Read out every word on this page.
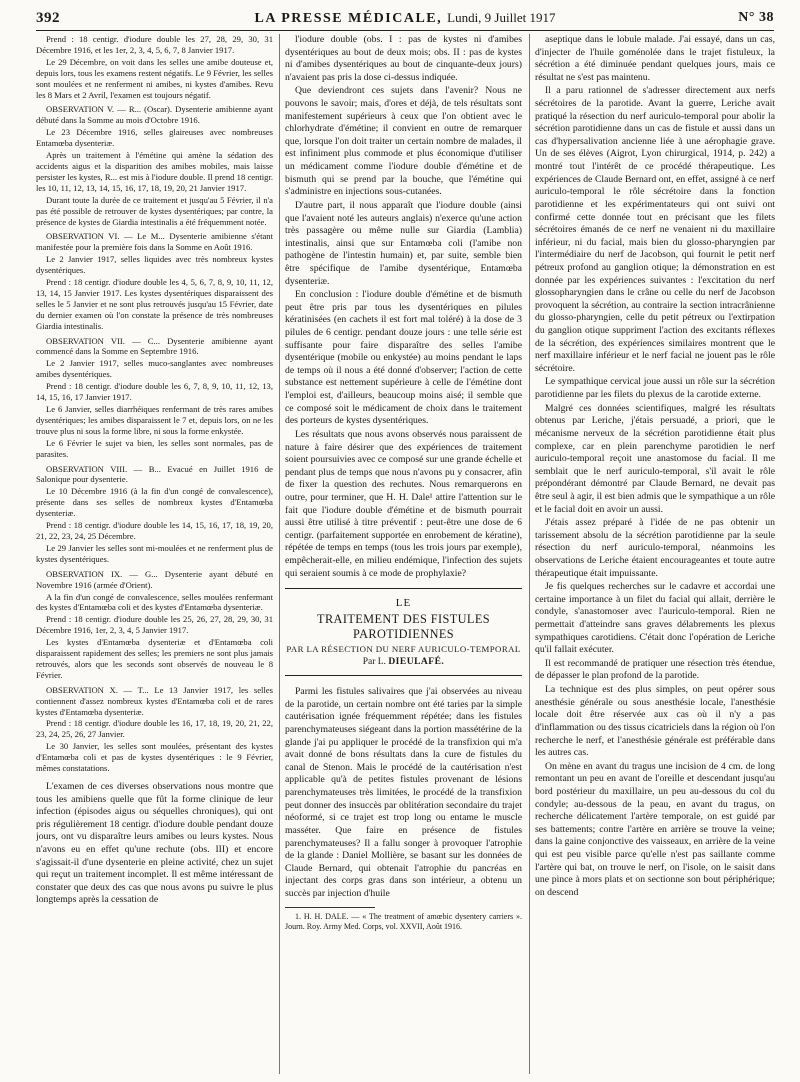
392	LA PRESSE MÉDICALE, Lundi, 9 Juillet 1917	N° 38

Prend : 18 centigr. d'iodure double les 27, 28, 29, 30, 31 Décembre 1916, et les 1er, 2, 3, 4, 5, 6, 7, 8 Janvier 1917.

Le 29 Décembre, on voit dans les selles une amibe douteuse et, depuis lors, tous les examens restent négatifs. Le 9 Février, les selles sont moulées et ne renferment ni amibes, ni kystes d'amibes. Revu les 8 Mars et 2 Avril, l'examen est toujours négatif.

OBSERVATION V. — R... (Oscar). Dysenterie amibienne ayant débuté dans la Somme au mois d'Octobre 1916.

Le 23 Décembre 1916, selles glaireuses avec nombreuses Entamœba dysenteriæ.

Après un traitement à l'émétine qui amène la sédation des accidents aigus et la disparition des amibes mobiles, mais laisse persister les kystes, R... est mis à l'iodure double. Il prend 18 centigr. les 10, 11, 12, 13, 14, 15, 16, 17, 18, 19, 20, 21 Janvier 1917.

Durant toute la durée de ce traitement et jusqu'au 5 Février, il n'a pas été possible de retrouver de kystes dysentériques; par contre, la présence de kystes de Giardia intestinalis a été fréquemment notée.

OBSERVATION VI. — Le M... Dysenterie amibienne s'étant manifestée pour la première fois dans la Somme en Août 1916.

Le 2 Janvier 1917, selles liquides avec très nombreux kystes dysentériques.

Prend : 18 centigr. d'iodure double les 4, 5, 6, 7, 8, 9, 10, 11, 12, 13, 14, 15 Janvier 1917. Les kystes dysentériques disparaissent des selles le 5 Janvier et ne sont plus retrouvés jusqu'au 15 Février, date du dernier examen où l'on constate la présence de très nombreuses Giardia intestinalis.

OBSERVATION VII. — C... Dysenterie amibienne ayant commencé dans la Somme en Septembre 1916.

Le 2 Janvier 1917, selles muco-sanglantes avec nombreuses amibes dysentériques.

Prend : 18 centigr. d'iodure double les 6, 7, 8, 9, 10, 11, 12, 13, 14, 15, 16, 17 Janvier 1917.

Le 6 Janvier, selles diarrhéiques renfermant de très rares amibes dysentériques; les amibes disparaissent le 7 et, depuis lors, on ne les trouve plus ni sous la forme libre, ni sous la forme enkystée.

Le 6 Février le sujet va bien, les selles sont normales, pas de parasites.

OBSERVATION VIII. — B... Evacué en Juillet 1916 de Salonique pour dysenterie.

Le 10 Décembre 1916 (à la fin d'un congé de convalescence), présente dans ses selles de nombreux kystes d'Entamœba dysenteriæ.

Prend : 18 centigr. d'iodure double les 14, 15, 16, 17, 18, 19, 20, 21, 22, 23, 24, 25 Décembre.

Le 29 Janvier les selles sont mi-moulées et ne renferment plus de kystes dysentériques.

OBSERVATION IX. — G... Dysenterie ayant débuté en Novembre 1916 (armée d'Orient).

A la fin d'un congé de convalescence, selles moulées renfermant des kystes d'Entamœba coli et des kystes d'Entamœba dysenteriæ.

Prend : 18 centigr. d'iodure double les 25, 26, 27, 28, 29, 30, 31 Décembre 1916, 1er, 2, 3, 4, 5 Janvier 1917.

Les kystes d'Entamœba dysenteriæ et d'Entamœba coli disparaissent rapidement des selles; les premiers ne sont plus jamais retrouvés, alors que les seconds sont observés de nouveau le 8 Février.

OBSERVATION X. — T... Le 13 Janvier 1917, les selles contiennent d'assez nombreux kystes d'Entamœba coli et de rares kystes d'Entamœba dysenteriæ.

Prend : 18 centigr. d'iodure double les 16, 17, 18, 19, 20, 21, 22, 23, 24, 25, 26, 27 Janvier.

Le 30 Janvier, les selles sont moulées, présentant des kystes d'Entamœba coli et pas de kystes dysentériques : le 9 Février, mêmes constatations.

L'examen de ces diverses observations nous montre que tous les amibiens quelle que fût la forme clinique de leur infection (épisodes aigus ou séquelles chroniques), qui ont pris régulièrement 18 centigr. d'iodure double pendant douze jours, ont vu disparaître leurs amibes ou leurs kystes. Nous n'avons eu en effet qu'une rechute (obs. III) et encore s'agissait-il d'une dysenterie en pleine activité, chez un sujet qui reçut un traitement incomplet. Il est même intéressant de constater que deux des cas que nous avons pu suivre le plus longtemps après la cessation de

l'iodure double (obs. I : pas de kystes ni d'amibes dysentériques au bout de deux mois; obs. II : pas de kystes ni d'amibes dysentériques au bout de cinquante-deux jours) n'avaient pas pris la dose ci-dessus indiquée.

Que deviendront ces sujets dans l'avenir? Nous ne pouvons le savoir; mais, d'ores et déjà, de tels résultats sont manifestement supérieurs à ceux que l'on obtient avec le chlorhydrate d'émétine; il convient en outre de remarquer que, lorsque l'on doit traiter un certain nombre de malades, il est infiniment plus commode et plus économique d'utiliser un médicament comme l'iodure double d'émétine et de bismuth qui se prend par la bouche, que l'émétine qui s'administre en injections sous-cutanées.

D'autre part, il nous apparaît que l'iodure double (ainsi que l'avaient noté les auteurs anglais) n'exerce qu'une action très passagère ou même nulle sur Giardia (Lamblia) intestinalis, ainsi que sur Entamœba coli (l'amibe non pathogène de l'intestin humain) et, par suite, semble bien être spécifique de l'amibe dysentérique, Entamœba dysenteriæ.

En conclusion : l'iodure double d'émétine et de bismuth peut être pris par tous les dysentériques en pilules kératinisées (en cachets il est fort mal toléré) à la dose de 3 pilules de 6 centigr. pendant douze jours : une telle série est suffisante pour faire disparaître des selles l'amibe dysentérique (mobile ou enkystée) au moins pendant le laps de temps où il nous a été donné d'observer; l'action de cette substance est nettement supérieure à celle de l'émétine dont l'emploi est, d'ailleurs, beaucoup moins aisé; il semble que ce composé soit le médicament de choix dans le traitement des porteurs de kystes dysentériques.

Les résultats que nous avons observés nous paraissent de nature à faire désirer que des expériences de traitement soient poursuivies avec ce composé sur une grande échelle et pendant plus de temps que nous n'avons pu y consacrer, afin de fixer la question des rechutes. Nous remarquerons en outre, pour terminer, que H. H. Dale¹ attire l'attention sur le fait que l'iodure double d'émétine et de bismuth pourrait aussi être utilisé à titre préventif : peut-être une dose de 6 centigr. (parfaitement supportée en enrobement de kératine), répétée de temps en temps (tous les trois jours par exemple), empêcherait-elle, en milieu endémique, l'infection des sujets qui seraient soumis à ce mode de prophylaxie?

LE
TRAITEMENT DES FISTULES PAROTIDIENNES
PAR LA RÉSECTION DU NERF AURICULO-TEMPORAL
Par L. DIEULAFÉ.

Parmi les fistules salivaires que j'ai observées au niveau de la parotide, un certain nombre ont été taries par la simple cautérisation ignée fréquemment répétée; dans les fistules parenchymateuses siégeant dans la portion massétérine de la glande j'ai pu appliquer le procédé de la transfixion qui m'a avait donné de bons résultats dans la cure de fistules du canal de Stenon. Mais le procédé de la cautérisation n'est applicable qu'à de petites fistules provenant de lésions parenchymateuses très limitées, le procédé de la transfixion peut donner des insuccès par oblitération secondaire du trajet néoformé, si ce trajet est trop long ou entame le muscle masséter. Que faire en présence de fistules parenchymateuses? Il a fallu songer à provoquer l'atrophie de la glande : Daniel Mollière, se basant sur les données de Claude Bernard, qui obtenait l'atrophie du pancréas en injectant des corps gras dans son intérieur, a obtenu un succès par injection d'huile

1. H. H. DALE. — « The treatment of amœbic dysentery carriers ». Journ. Roy. Army Med. Corps, vol. XXVII, Août 1916.

aseptique dans le lobule malade. J'ai essayé, dans un cas, d'injecter de l'huile goménolée dans le trajet fistuleux, la sécrétion a été diminuée pendant quelques jours, mais ce résultat ne s'est pas maintenu.

Il a paru rationnel de s'adresser directement aux nerfs sécrétoires de la parotide. Avant la guerre, Leriche avait pratiqué la résection du nerf auriculo-temporal pour abolir la sécrétion parotidienne dans un cas de fistule et aussi dans un cas d'hypersalivation ancienne liée à une aérophagie grave. Un de ses élèves (Aigrot, Lyon chirurgical, 1914, p. 242) a montré tout l'intérêt de ce procédé thérapeutique. Les expériences de Claude Bernard ont, en effet, assigné à ce nerf auriculo-temporal le rôle sécrétoire dans la fonction parotidienne et les expérimentateurs qui ont suivi ont confirmé cette donnée tout en précisant que les filets sécrétoires émanés de ce nerf ne venaient ni du maxillaire inférieur, ni du facial, mais bien du glosso-pharyngien par l'intermédiaire du nerf de Jacobson, qui fournit le petit nerf pétreux profond au ganglion otique; la démonstration en est donnée par les expériences suivantes : l'excitation du nerf glossopharyngien dans le crâne ou celle du nerf de Jacobson provoquent la sécrétion, au contraire la section intracrânienne du glosso-pharyngien, celle du petit pétreux ou l'extirpation du ganglion otique suppriment l'action des excitants réflexes de la sécrétion, des expériences similaires montrent que le nerf maxillaire inférieur et le nerf facial ne jouent pas le rôle sécrétoire.

Le sympathique cervical joue aussi un rôle sur la sécrétion parotidienne par les filets du plexus de la carotide externe.

Malgré ces données scientifiques, malgré les résultats obtenus par Leriche, j'étais persuadé, a priori, que le mécanisme nerveux de la sécrétion parotidienne était plus complexe, car en plein parenchyme parotidien le nerf auriculo-temporal reçoit une anastomose du facial. Il me semblait que le nerf auriculo-temporal, s'il avait le rôle prépondérant démontré par Claude Bernard, ne devait pas être seul à agir, il est bien admis que le sympathique a un rôle et le facial doit en avoir un aussi.

J'étais assez préparé à l'idée de ne pas obtenir un tarissement absolu de la sécrétion parotidienne par la seule résection du nerf auriculo-temporal, néanmoins les observations de Leriche étaient encourageantes et toute autre thérapeutique était impuissante.

Je fis quelques recherches sur le cadavre et accordai une certaine importance à un filet du facial qui allait, derrière le condyle, s'anastomoser avec l'auriculo-temporal. Rien ne permettait d'atteindre sans graves délabrements les plexus sympathiques carotidiens. C'était donc l'opération de Leriche qu'il fallait exécuter.

Il est recommandé de pratiquer une résection très étendue, de dépasser le plan profond de la parotide.

La technique est des plus simples, on peut opérer sous anesthésie générale ou sous anesthésie locale, l'anesthésie locale doit être réservée aux cas où il n'y a pas d'inflammation ou des tissus cicatriciels dans la région où l'on recherche le nerf, et l'anesthésie générale est préférable dans les autres cas.

On mène en avant du tragus une incision de 4 cm. de long remontant un peu en avant de l'oreille et descendant jusqu'au bord postérieur du maxillaire, un peu au-dessous du col du condyle; au-dessous de la peau, en avant du tragus, on recherche délicatement l'artère temporale, on est guidé par ses battements; contre l'artère en arrière se trouve la veine; dans la gaine conjonctive des vaisseaux, en arrière de la veine qui est peu visible parce qu'elle n'est pas saillante comme l'artère qui bat, on trouve le nerf, on l'isole, on le saisit dans une pince à mors plats et on sectionne son bout périphérique; on descend
